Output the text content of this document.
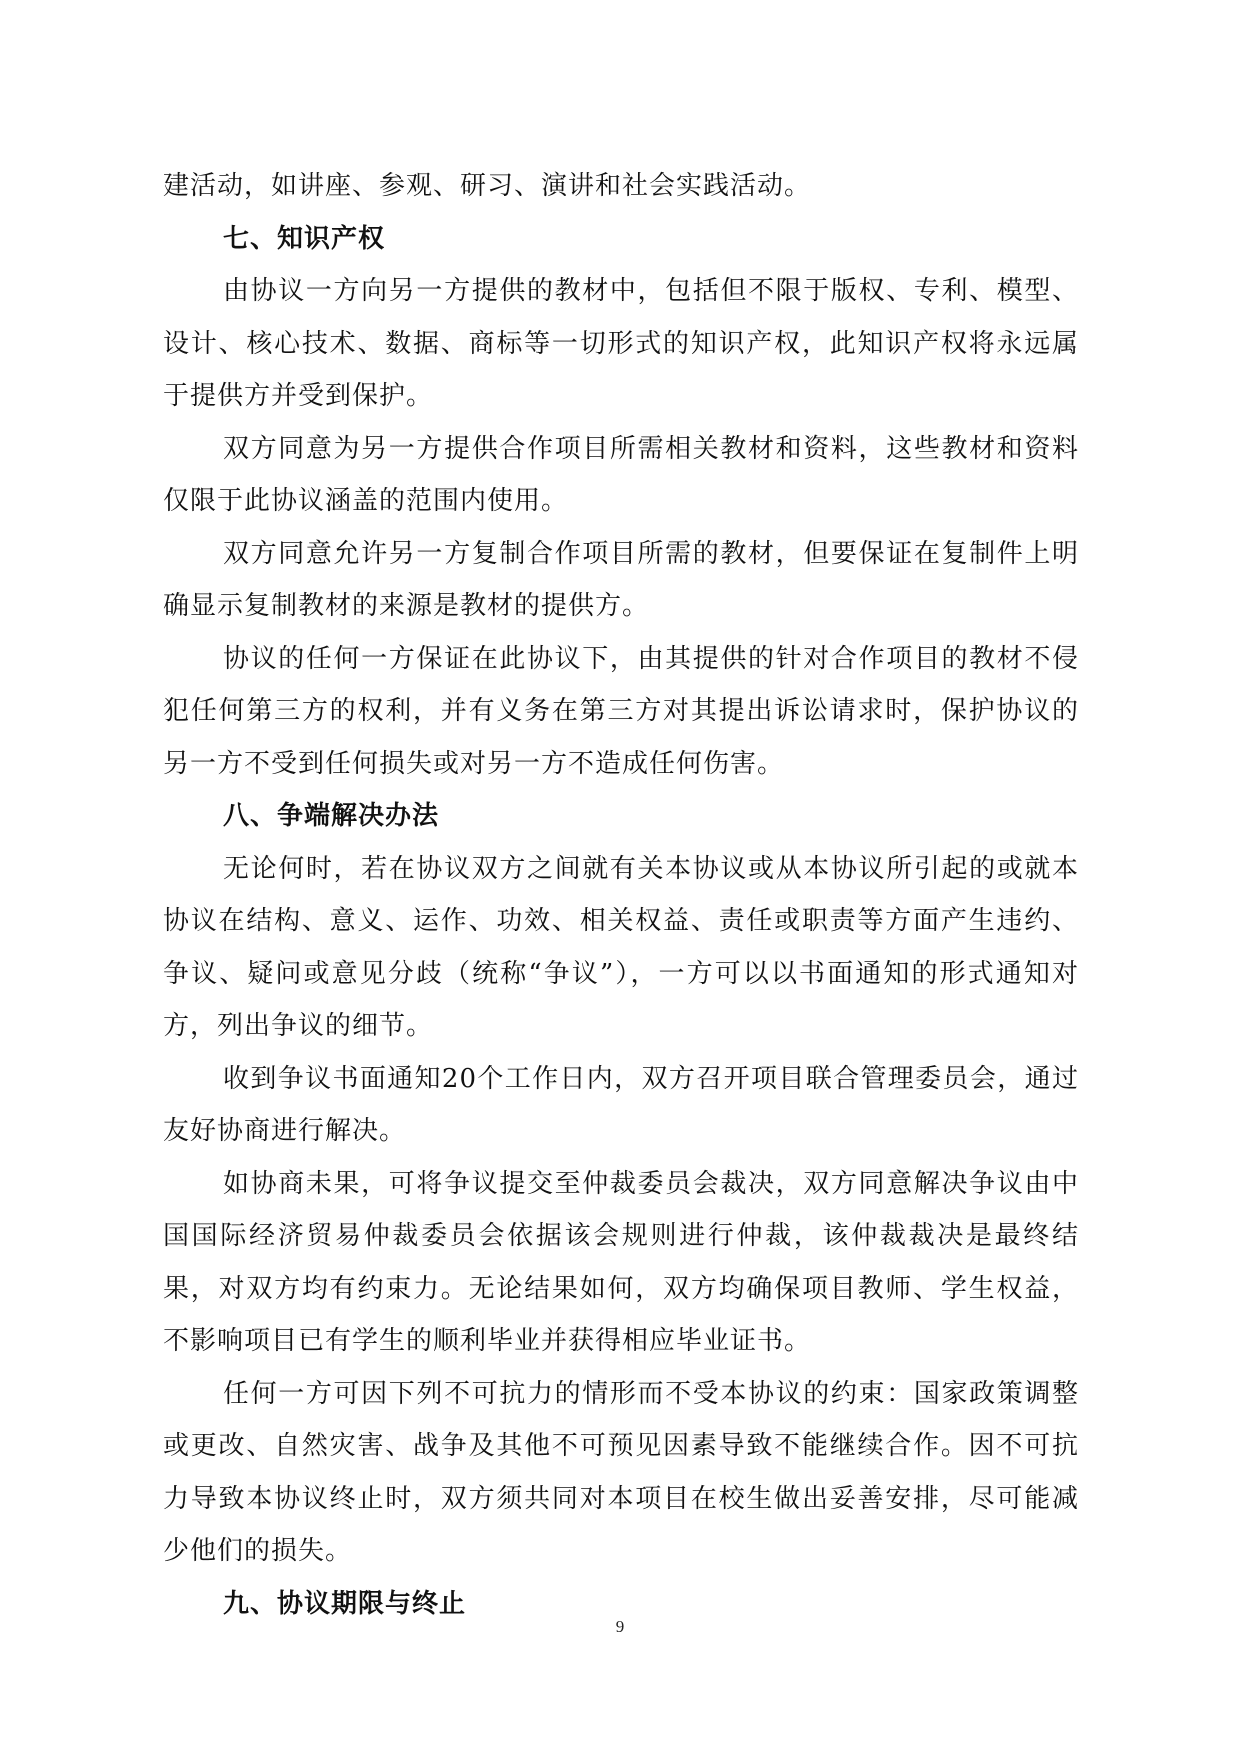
建活动，如讲座、参观、研习、演讲和社会实践活动。

七、知识产权

由协议一方向另一方提供的教材中，包括但不限于版权、专利、模型、设计、核心技术、数据、商标等一切形式的知识产权，此知识产权将永远属于提供方并受到保护。

双方同意为另一方提供合作项目所需相关教材和资料，这些教材和资料仅限于此协议涵盖的范围内使用。

双方同意允许另一方复制合作项目所需的教材，但要保证在复制件上明确显示复制教材的来源是教材的提供方。

协议的任何一方保证在此协议下，由其提供的针对合作项目的教材不侵犯任何第三方的权利，并有义务在第三方对其提出诉讼请求时，保护协议的另一方不受到任何损失或对另一方不造成任何伤害。

八、争端解决办法

无论何时，若在协议双方之间就有关本协议或从本协议所引起的或就本协议在结构、意义、运作、功效、相关权益、责任或职责等方面产生违约、争议、疑问或意见分歧（统称“争议”），一方可以以书面通知的形式通知对方，列出争议的细节。

收到争议书面通知20个工作日内，双方召开项目联合管理委员会，通过友好协商进行解决。

如协商未果，可将争议提交至仲裁委员会裁决，双方同意解决争议由中国国际经济贸易仲裁委员会依据该会规则进行仲裁，该仲裁裁决是最终结果，对双方均有约束力。无论结果如何，双方均确保项目教师、学生权益，不影响项目已有学生的顺利毕业并获得相应毕业证书。

任何一方可因下列不可抗力的情形而不受本协议的约束：国家政策调整或更改、自然灾害、战争及其他不可预见因素导致不能继续合作。因不可抗力导致本协议终止时，双方须共同对本项目在校生做出妥善安排，尽可能减少他们的损失。

九、协议期限与终止

9
